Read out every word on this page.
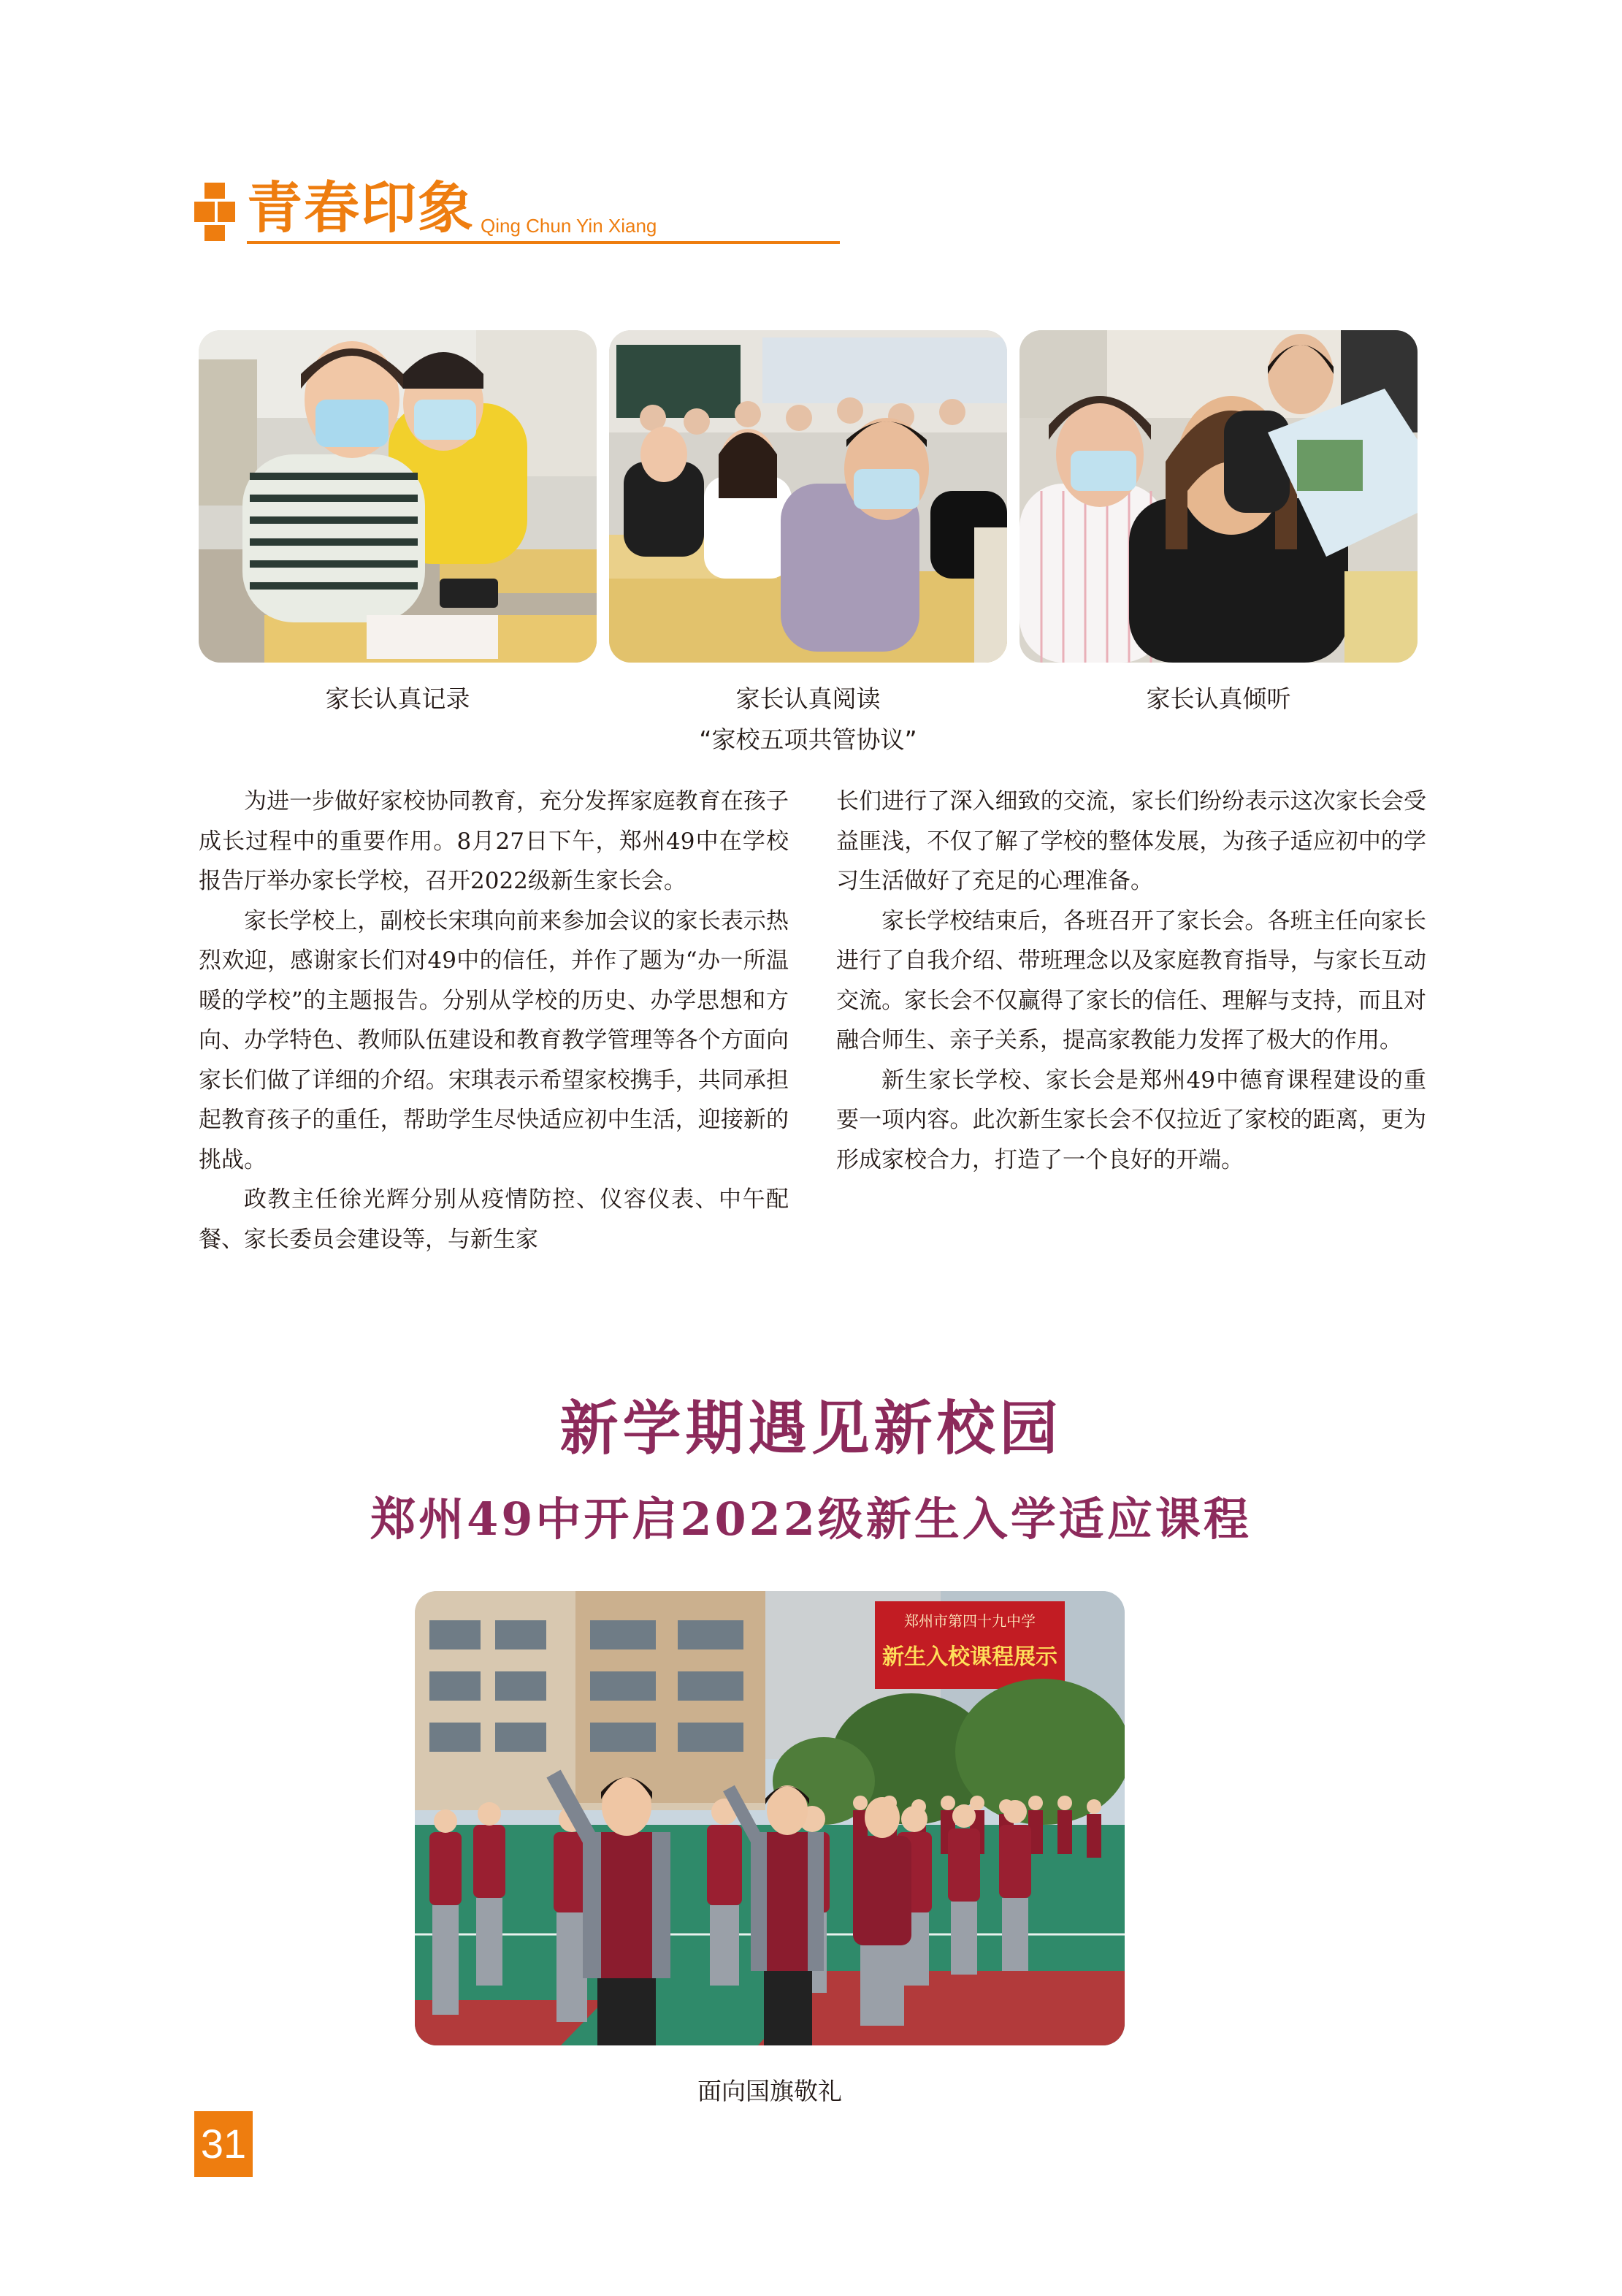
青春印象 Qing Chun Yin Xiang
家长认真记录	家长认真阅读
“家校五项共管协议”
家长认真倾听

为进一步做好家校协同教育，充分发挥家庭教育在孩子成长过程中的重要作用。8月27日下午，郑州49中在学校报告厅举办家长学校，召开2022级新生家长会。

家长学校上，副校长宋琪向前来参加会议的家长表示热烈欢迎，感谢家长们对49中的信任，并作了题为“办一所温暖的学校”的主题报告。分别从学校的历史、办学思想和方向、办学特色、教师队伍建设和教育教学管理等各个方面向家长们做了详细的介绍。宋琪表示希望家校携手，共同承担起教育孩子的重任，帮助学生尽快适应初中生活，迎接新的挑战。

政教主任徐光辉分别从疫情防控、仪容仪表、中午配餐、家长委员会建设等，与新生家

长们进行了深入细致的交流，家长们纷纷表示这次家长会受益匪浅，不仅了解了学校的整体发展，为孩子适应初中的学习生活做好了充足的心理准备。

家长学校结束后，各班召开了家长会。各班主任向家长进行了自我介绍、带班理念以及家庭教育指导，与家长互动交流。家长会不仅赢得了家长的信任、理解与支持，而且对融合师生、亲子关系，提高家教能力发挥了极大的作用。

新生家长学校、家长会是郑州49中德育课程建设的重要一项内容。此次新生家长会不仅拉近了家校的距离，更为形成家校合力，打造了一个良好的开端。

新学期遇见新校园
郑州49中开启2022级新生入学适应课程
郑州市第四十九中学
新生入校课程展示
面向国旗敬礼
31
